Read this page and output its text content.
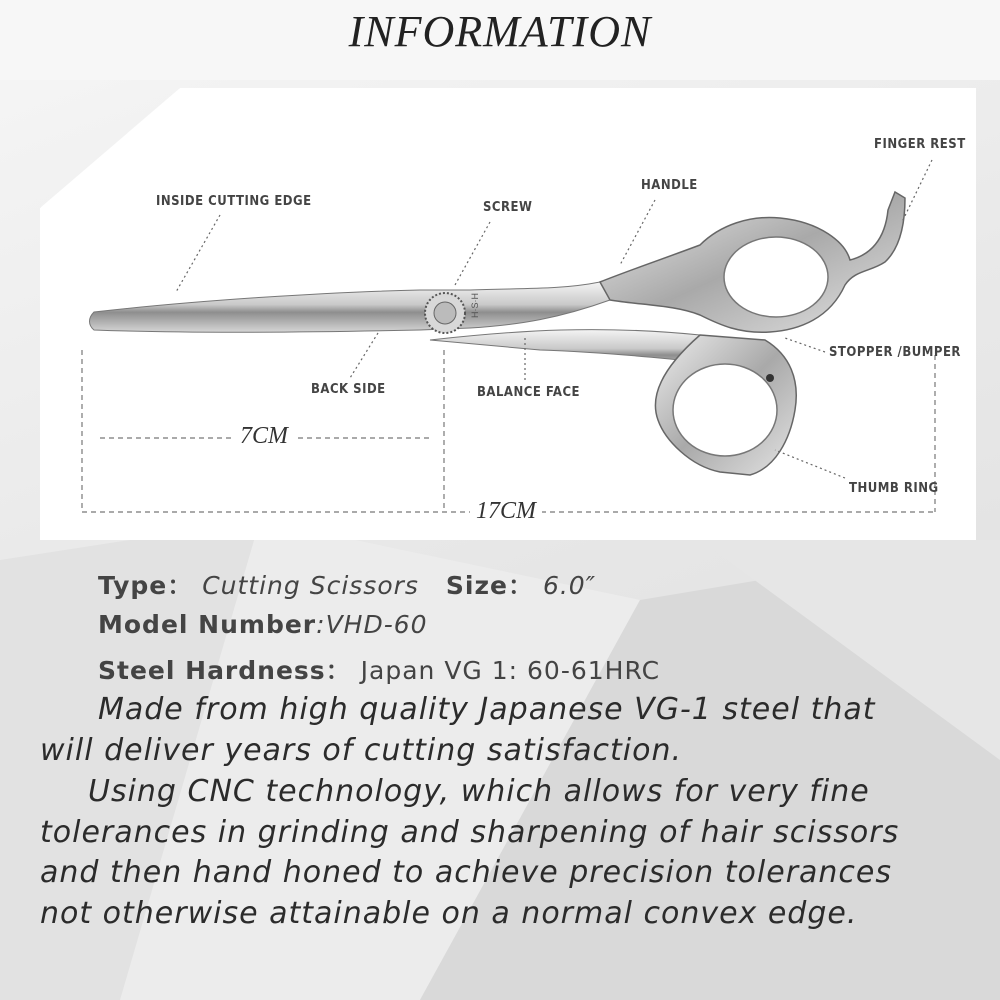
INFORMATION
H·S·H
INSIDE CUTTING EDGE	SCREW
HANDLE
FINGER REST
STOPPER /BUMPER
BACK SIDE	BALANCE FACE
THUMB RING
7CM
17CM
Type： Cutting Scissors Size： 6.0″
Model Number:VHD-60
Steel Hardness： Japan VG 1: 60-61HRC
Made from high quality Japanese VG-1 steel that
will deliver years of cutting satisfaction.
Using CNC technology, which allows for very fine
tolerances in grinding and sharpening of hair scissors
and then hand honed to achieve precision tolerances
not otherwise attainable on a normal convex edge.
